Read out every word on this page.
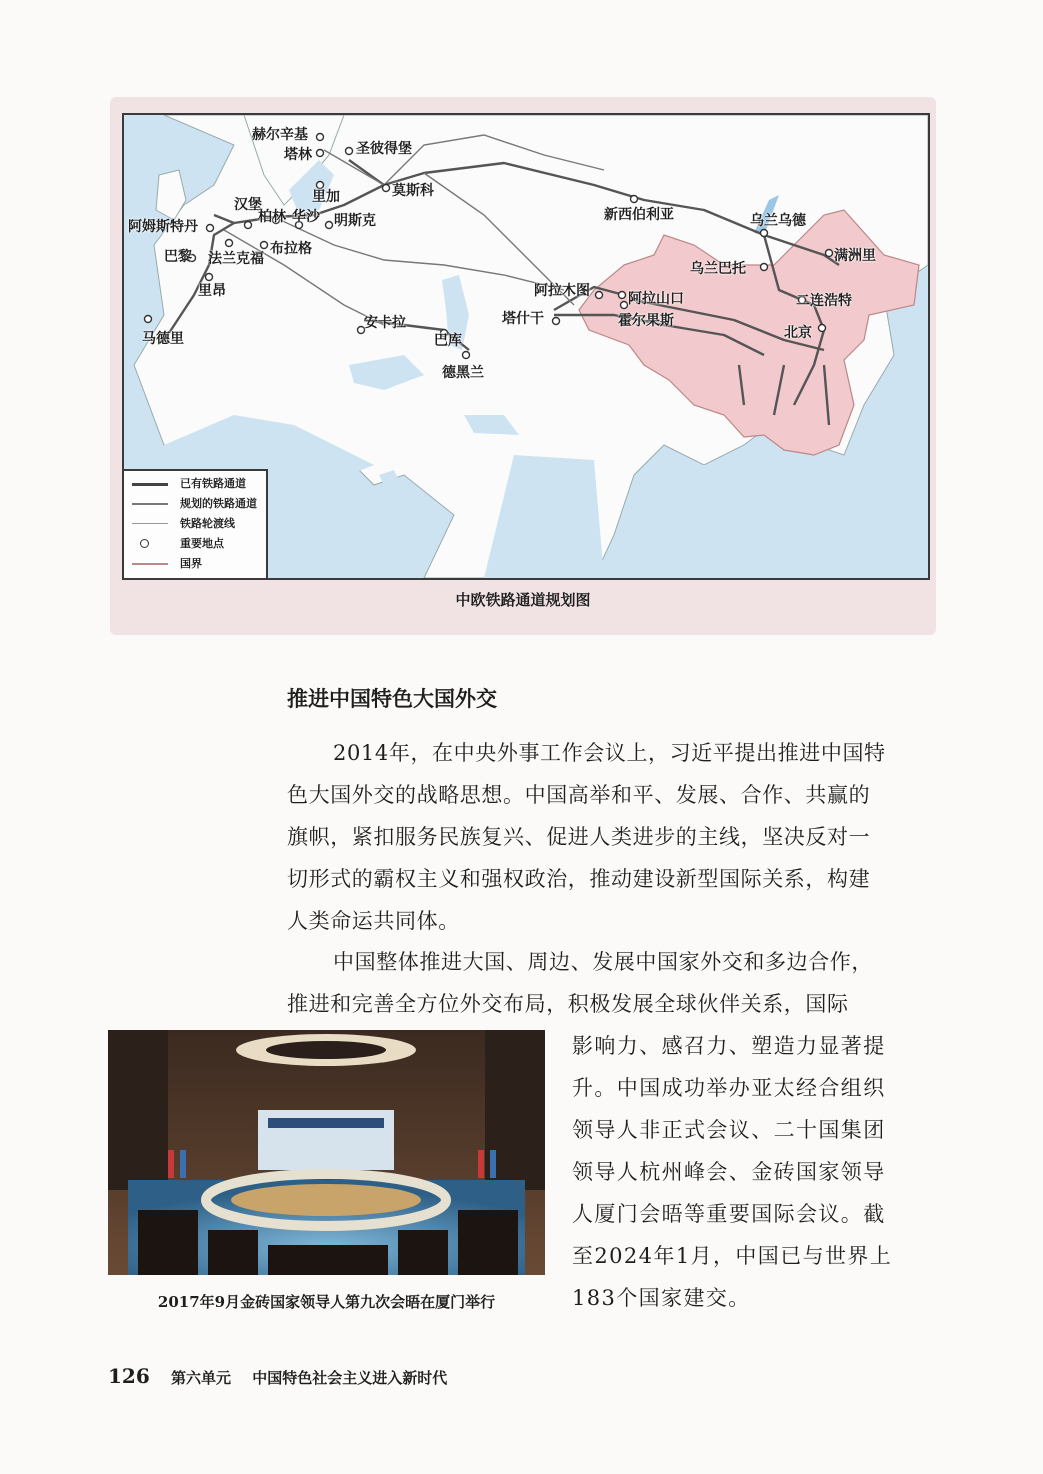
赫尔辛基
塔林	圣彼得堡
里加	莫斯科
汉堡
柏林 华沙 明斯克
阿姆斯特丹
巴黎 法兰克福
布拉格
里昂
马德里
新西伯利亚	乌兰乌德
满洲里
乌兰巴托
阿拉木图	阿拉山口
霍尔果斯
二连浩特
北京
塔什干
安卡拉
巴库
德黑兰
已有铁路通道
规划的铁路通道
铁路轮渡线
重要地点
国界
中欧铁路通道规划图
推进中国特色大国外交
2014年，在中央外事工作会议上，习近平提出推进中国特
色大国外交的战略思想。中国高举和平、发展、合作、共赢的
旗帜，紧扣服务民族复兴、促进人类进步的主线，坚决反对一
切形式的霸权主义和强权政治，推动建设新型国际关系，构建
人类命运共同体。
中国整体推进大国、周边、发展中国家外交和多边合作，
推进和完善全方位外交布局，积极发展全球伙伴关系，国际
影响力、感召力、塑造力显著提
升。中国成功举办亚太经合组织
领导人非正式会议、二十国集团
领导人杭州峰会、金砖国家领导
人厦门会晤等重要国际会议。截
至2024年1月，中国已与世界上
183个国家建交。
2017年9月金砖国家领导人第九次会晤在厦门举行
126 第六单元 中国特色社会主义进入新时代
